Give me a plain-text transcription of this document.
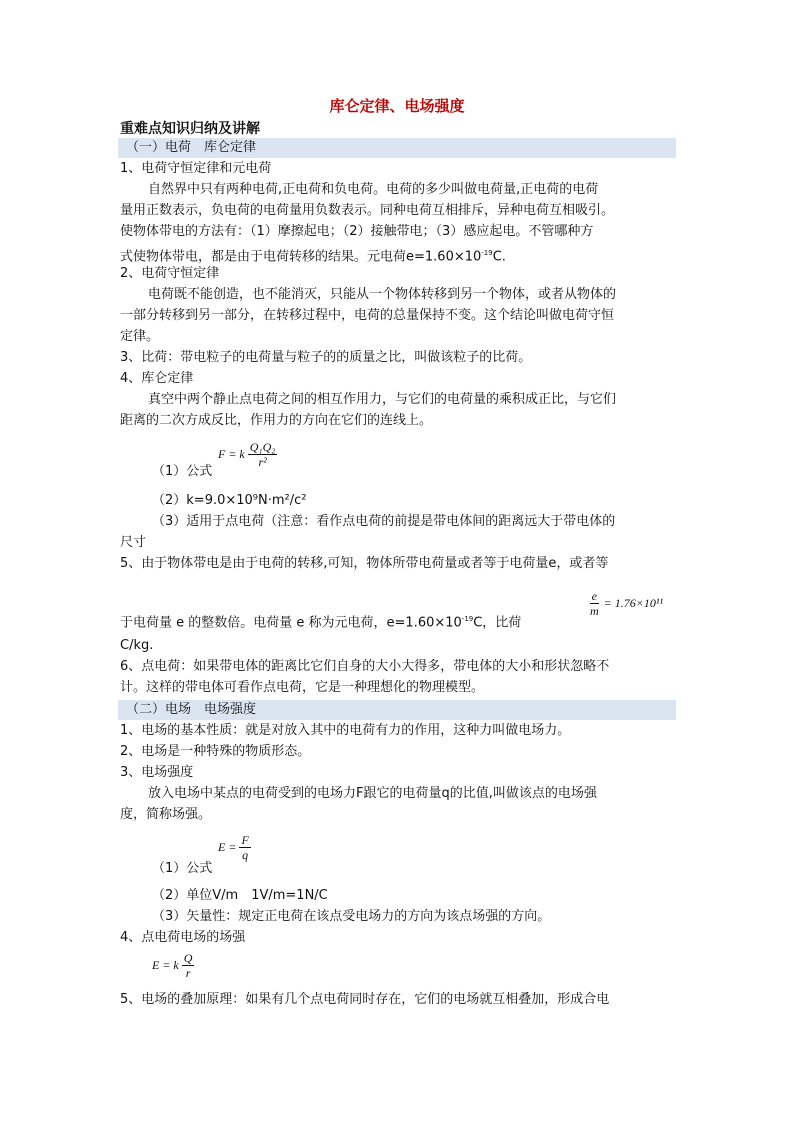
库仑定律、电场强度
重难点知识归纳及讲解
（一）电荷　库仑定律
1、电荷守恒定律和元电荷
自然界中只有两种电荷,正电荷和负电荷。电荷的多少叫做电荷量,正电荷的电荷
量用正数表示，负电荷的电荷量用负数表示。同种电荷互相排斥，异种电荷互相吸引。
使物体带电的方法有：（1）摩擦起电；（2）接触带电；（3）感应起电。不管哪种方
式使物体带电，都是由于电荷转移的结果。元电荷$e=1.60\times 10^{-19}C$.
2、电荷守恒定律
电荷既不能创造，也不能消灭，只能从一个物体转移到另一个物体，或者从物体的
一部分转移到另一部分，在转移过程中，电荷的总量保持不变。这个结论叫做电荷守恒
定律。
3、比荷：带电粒子的电荷量与粒子的的质量之比，叫做该粒子的比荷。
4、库仑定律
真空中两个静止点电荷之间的相互作用力，与它们的电荷量的乘积成正比，与它们
距离的二次方成反比，作用力的方向在它们的连线上。
F = k $\frac{\text{Q₁Q₂}}{\text{r²}}$
（1）公式
（2）k=9.0×10⁹N·m²/c²
（3）适用于点电荷（注意：看作点电荷的前提是带电体间的距离远大于带电体的
尺寸
5、由于物体带电是由于电荷的转移,可知，物体所带电荷量或者等于电荷量e，或者等
$\frac{e}{m} = 1.76\times 10^{11}$
于电荷量 e 的整数倍。电荷量 e 称为元电荷，$e=1.60\times 10^{-19}C$，比荷
C/kg.
6、点电荷：如果带电体的距离比它们自身的大小大得多，带电体的大小和形状忽略不
计。这样的带电体可看作点电荷，它是一种理想化的物理模型。
（二）电场　电场强度
1、电场的基本性质：就是对放入其中的电荷有力的作用，这种力叫做电场力。
2、电场是一种特殊的物质形态。
3、电场强度
放入电场中某点的电荷受到的电场力F跟它的电荷量q的比值,叫做该点的电场强
度，简称场强。
$E = \frac{F}{q}$
（1）公式
（2）单位V/m　1V/m=1N/C
（3）矢量性：规定正电荷在该点受电场力的方向为该点场强的方向。
4、点电荷电场的场强
E = k $\frac{Q}{r}$
5、电场的叠加原理：如果有几个点电荷同时存在，它们的电场就互相叠加，形成合电
